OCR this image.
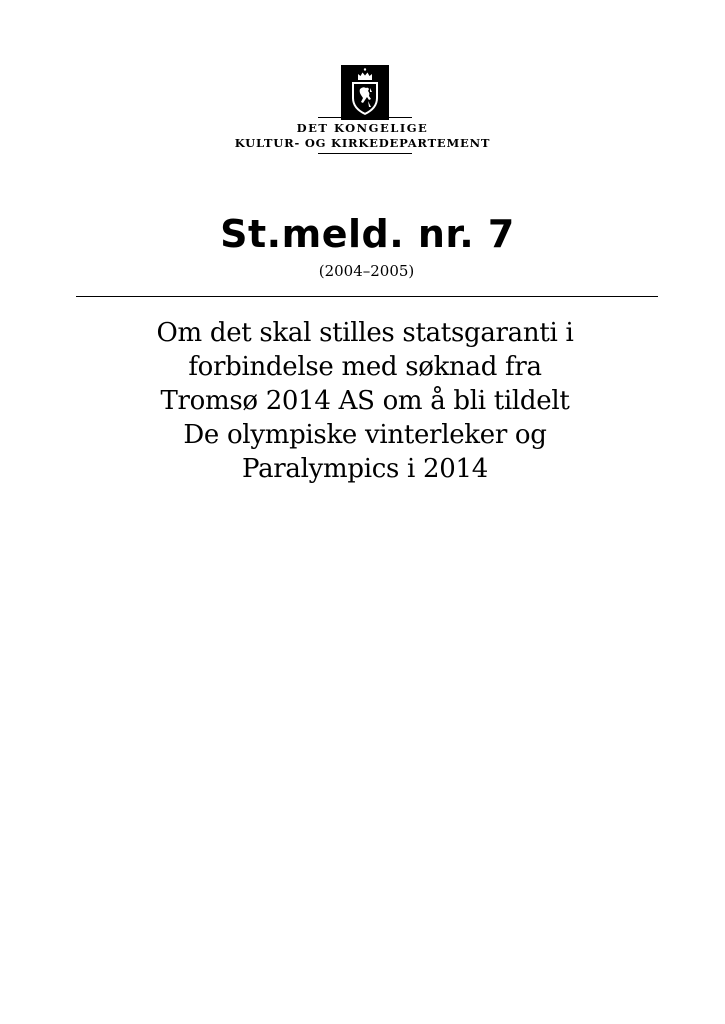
DET KONGELIGE
KULTUR- OG KIRKEDEPARTEMENT
St.meld. nr. 7
(2004–2005)
Om det skal stilles statsgaranti i
forbindelse med søknad fra
Tromsø 2014 AS om å bli tildelt
De olympiske vinterleker og
Paralympics i 2014
